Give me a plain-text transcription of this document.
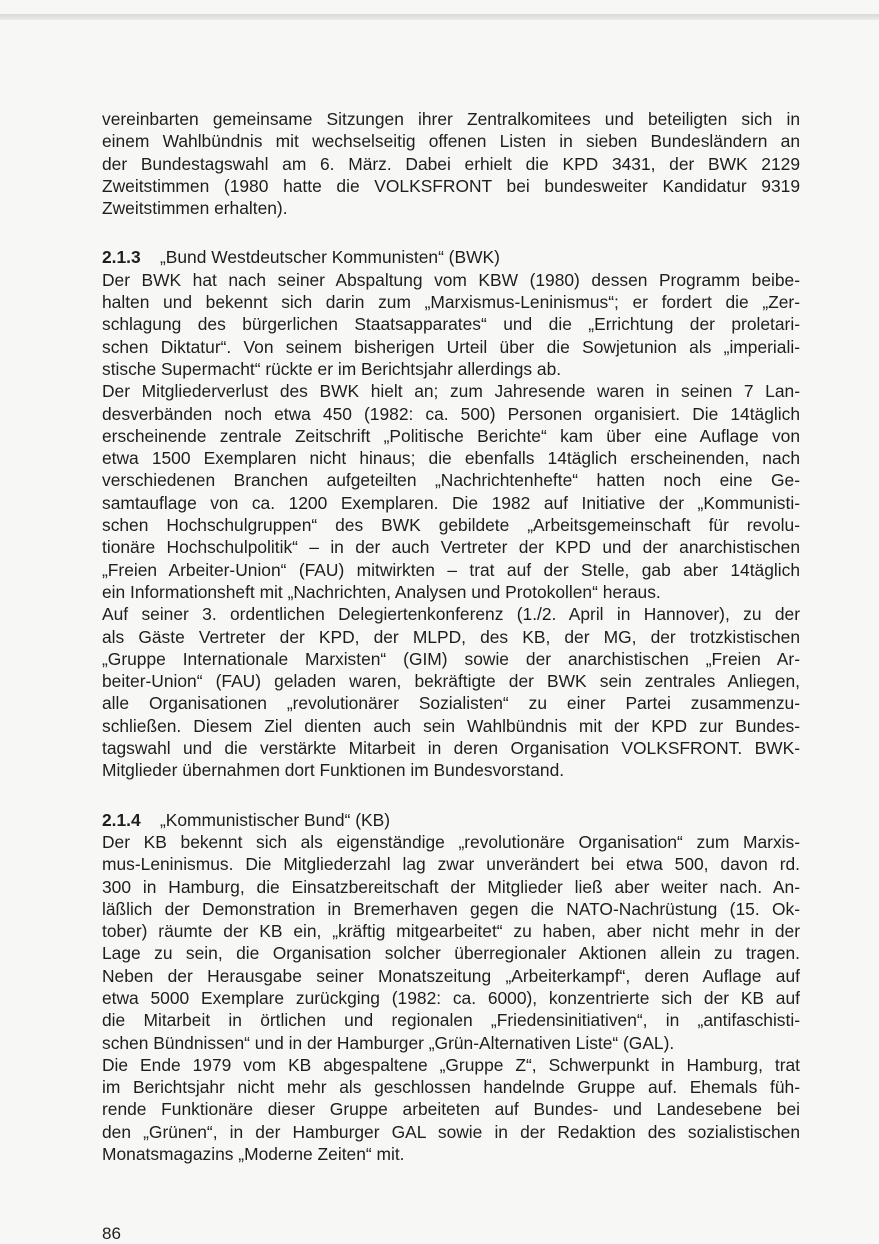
vereinbarten gemeinsame Sitzungen ihrer Zentralkomitees und beteiligten sich in
einem Wahlbündnis mit wechselseitig offenen Listen in sieben Bundesländern an
der Bundestagswahl am 6. März. Dabei erhielt die KPD 3431, der BWK 2129
Zweitstimmen (1980 hatte die VOLKSFRONT bei bundesweiter Kandidatur 9319
Zweitstimmen erhalten).
2.1.3 „Bund Westdeutscher Kommunisten“ (BWK)
Der BWK hat nach seiner Abspaltung vom KBW (1980) dessen Programm beibe-
halten und bekennt sich darin zum „Marxismus-Leninismus“; er fordert die „Zer-
schlagung des bürgerlichen Staatsapparates“ und die „Errichtung der proletari-
schen Diktatur“. Von seinem bisherigen Urteil über die Sowjetunion als „imperiali-
stische Supermacht“ rückte er im Berichtsjahr allerdings ab.
Der Mitgliederverlust des BWK hielt an; zum Jahresende waren in seinen 7 Lan-
desverbänden noch etwa 450 (1982: ca. 500) Personen organisiert. Die 14täglich
erscheinende zentrale Zeitschrift „Politische Berichte“ kam über eine Auflage von
etwa 1500 Exemplaren nicht hinaus; die ebenfalls 14täglich erscheinenden, nach
verschiedenen Branchen aufgeteilten „Nachrichtenhefte“ hatten noch eine Ge-
samtauflage von ca. 1200 Exemplaren. Die 1982 auf Initiative der „Kommunisti-
schen Hochschulgruppen“ des BWK gebildete „Arbeitsgemeinschaft für revolu-
tionäre Hochschulpolitik“ – in der auch Vertreter der KPD und der anarchistischen
„Freien Arbeiter-Union“ (FAU) mitwirkten – trat auf der Stelle, gab aber 14täglich
ein Informationsheft mit „Nachrichten, Analysen und Protokollen“ heraus.
Auf seiner 3. ordentlichen Delegiertenkonferenz (1./2. April in Hannover), zu der
als Gäste Vertreter der KPD, der MLPD, des KB, der MG, der trotzkistischen
„Gruppe Internationale Marxisten“ (GIM) sowie der anarchistischen „Freien Ar-
beiter-Union“ (FAU) geladen waren, bekräftigte der BWK sein zentrales Anliegen,
alle Organisationen „revolutionärer Sozialisten“ zu einer Partei zusammenzu-
schließen. Diesem Ziel dienten auch sein Wahlbündnis mit der KPD zur Bundes-
tagswahl und die verstärkte Mitarbeit in deren Organisation VOLKSFRONT. BWK-
Mitglieder übernahmen dort Funktionen im Bundesvorstand.
2.1.4 „Kommunistischer Bund“ (KB)
Der KB bekennt sich als eigenständige „revolutionäre Organisation“ zum Marxis-
mus-Leninismus. Die Mitgliederzahl lag zwar unverändert bei etwa 500, davon rd.
300 in Hamburg, die Einsatzbereitschaft der Mitglieder ließ aber weiter nach. An-
läßlich der Demonstration in Bremerhaven gegen die NATO-Nachrüstung (15. Ok-
tober) räumte der KB ein, „kräftig mitgearbeitet“ zu haben, aber nicht mehr in der
Lage zu sein, die Organisation solcher überregionaler Aktionen allein zu tragen.
Neben der Herausgabe seiner Monatszeitung „Arbeiterkampf“, deren Auflage auf
etwa 5000 Exemplare zurückging (1982: ca. 6000), konzentrierte sich der KB auf
die Mitarbeit in örtlichen und regionalen „Friedensinitiativen“, in „antifaschisti-
schen Bündnissen“ und in der Hamburger „Grün-Alternativen Liste“ (GAL).
Die Ende 1979 vom KB abgespaltene „Gruppe Z“, Schwerpunkt in Hamburg, trat
im Berichtsjahr nicht mehr als geschlossen handelnde Gruppe auf. Ehemals füh-
rende Funktionäre dieser Gruppe arbeiteten auf Bundes- und Landesebene bei
den „Grünen“, in der Hamburger GAL sowie in der Redaktion des sozialistischen
Monatsmagazins „Moderne Zeiten“ mit.
86
